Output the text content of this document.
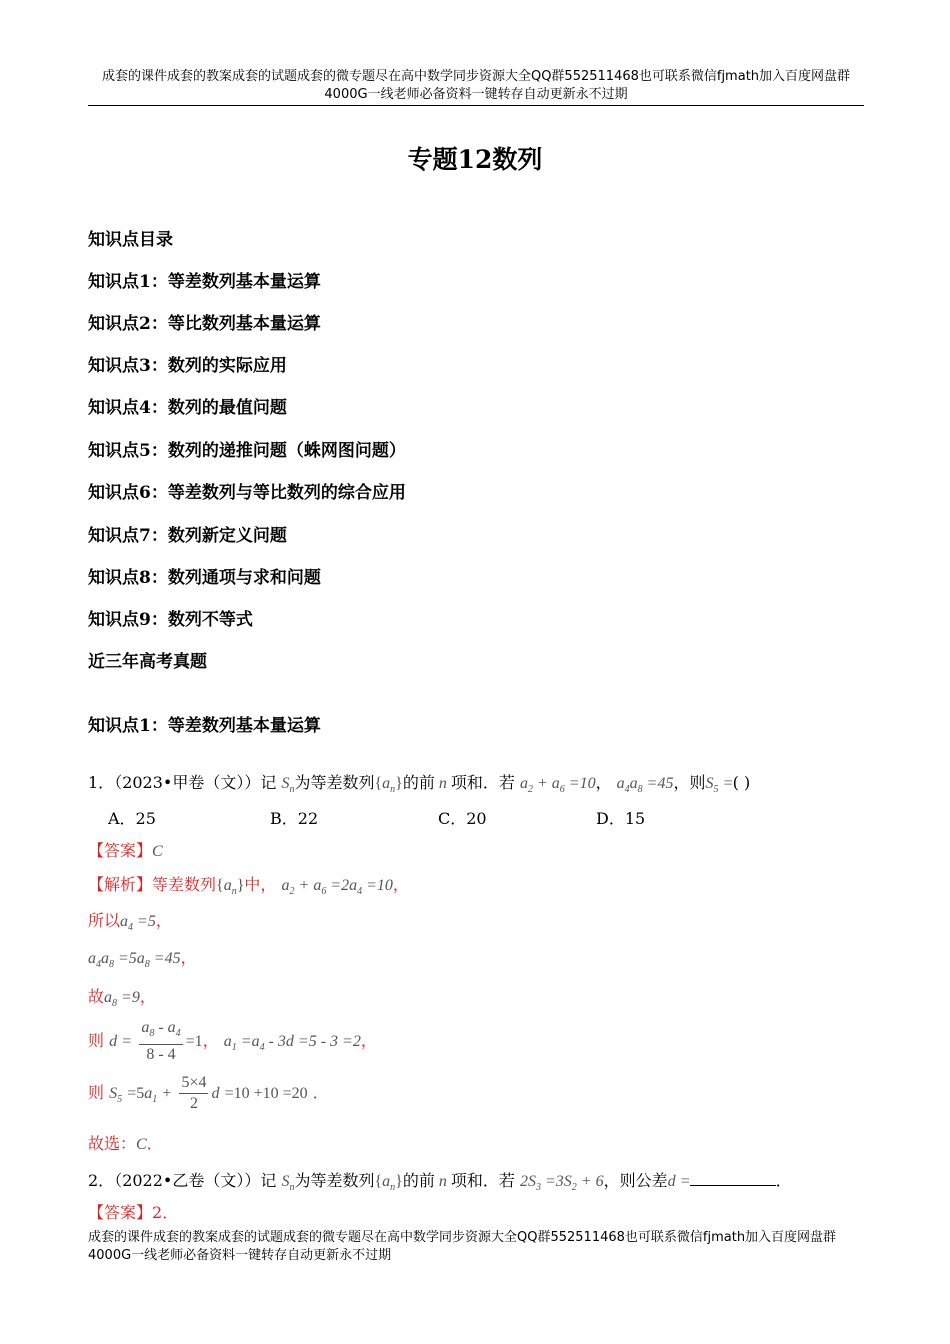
成套的课件成套的教案成套的试题成套的微专题尽在高中数学同步资源大全QQ群552511468也可联系微信fjmath加入百度网盘群4000G一线老师必备资料一键转存自动更新永不过期
专题12数列
知识点目录
知识点1：等差数列基本量运算
知识点2：等比数列基本量运算
知识点3：数列的实际应用
知识点4：数列的最值问题
知识点5：数列的递推问题（蛛网图问题）
知识点6：等差数列与等比数列的综合应用
知识点7：数列新定义问题
知识点8：数列通项与求和问题
知识点9：数列不等式
近三年高考真题
知识点1：等差数列基本量运算
1．（2023•甲卷（文））记 $S_n$为等差数列$\{a_n\}$的前 n 项和．若 $a_2 + a_6 =10$， $a_4a_8 =45$，则$S_5$ =( )
A．25	B．22	C．20	D．15
【答案】C
【解析】等差数列$\{a_n\}$中， $a_2 + a_6 =2a_4 =10$，
所以$a_4 =5$，
$a_4a_8 =5a_8 =45$，
故$a_8 =9$，
则 $d = \frac{a_8 - a_4}{8 - 4} =1$， $a_1 =a_4 - 3d =5 - 3 =2$，
则 $S_5 =5a_1 + \frac{5\times 4}{2}$ d =10 +10 =20 ．
故选：C．
2．（2022•乙卷（文））记 $S_n$为等差数列$\{a_n\}$的前 n 项和．若 $2S_3 =3S_2 + 6$，则公差d =	．
【答案】2．
成套的课件成套的教案成套的试题成套的微专题尽在高中数学同步资源大全QQ群552511468也可联系微信fjmath加入百度网盘群4000G一线老师必备资料一键转存自动更新永不过期
